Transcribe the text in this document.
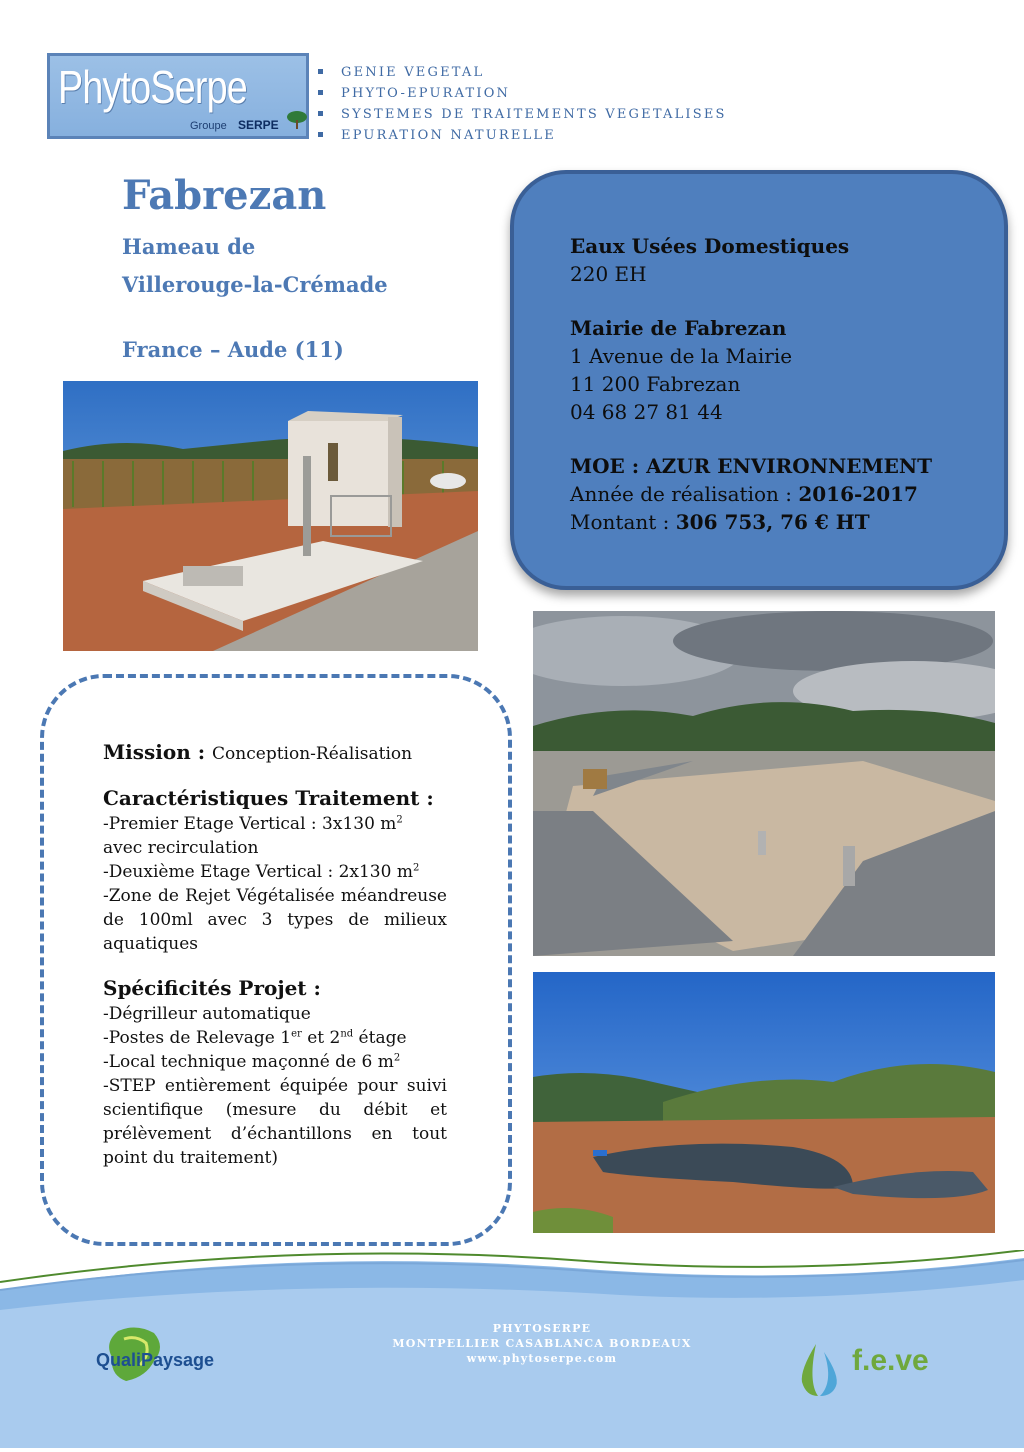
PhytoSerpe
Groupe SERPE
GENIE VEGETAL
PHYTO-EPURATION
SYSTEMES DE TRAITEMENTS VEGETALISES
EPURATION NATURELLE
Fabrezan
Hameau de
Villerouge-la-Crémade
France – Aude (11)

Eaux Usées Domestiques

220 EH

Mairie de Fabrezan

1 Avenue de la Mairie

11 200 Fabrezan

04 68 27 81 44

MOE : AZUR ENVIRONNEMENT

Année de réalisation : 2016-2017

Montant : 306 753, 76 € HT

Mission : Conception-Réalisation

Caractéristiques Traitement :

-Premier Etage Vertical : 3x130 $m^2$

avec recirculation

-Deuxième Etage Vertical : 2x130 $m^2$

-Zone de Rejet Végétalisée méandreuse de 100ml avec 3 types de milieux aquatiques

Spécificités Projet :

-Dégrilleur automatique

-Postes de Relevage 1er et 2nd étage

-Local technique maçonné de 6 $m^2$

-STEP entièrement équipée pour suivi scientifique (mesure du débit et prélèvement d’échantillons en tout point du traitement)

PHYTOSERPE
MONTPELLIER CASABLANCA BORDEAUX
www.phytoserpe.com
QualiPaysage	f.e.ve
